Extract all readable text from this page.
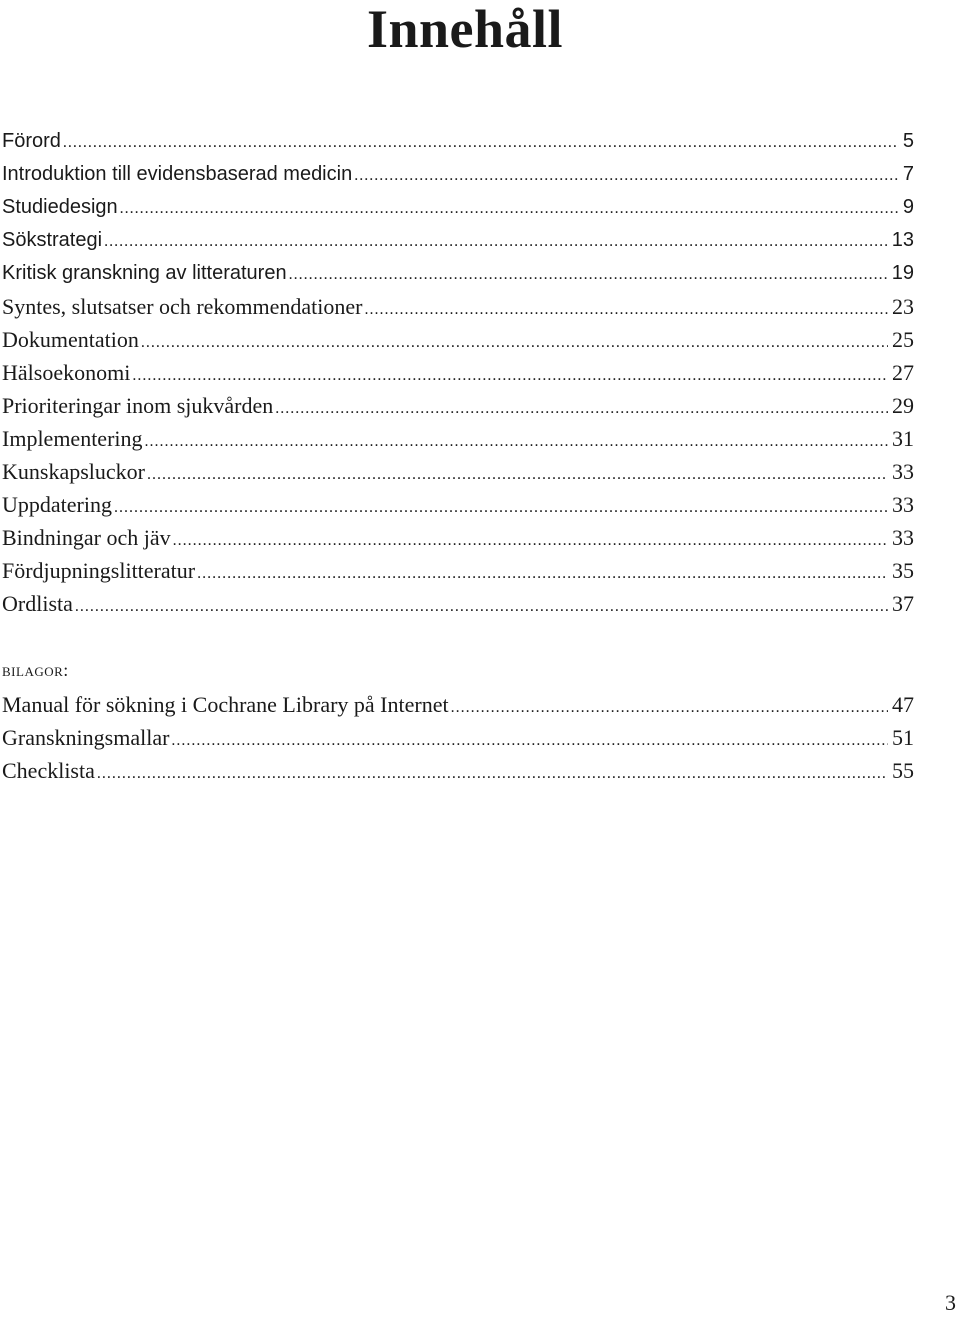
Innehåll
Förord .....	5
Introduktion till evidensbaserad medicin .....	7
Studiedesign .....	9
Sökstrategi .....	13
Kritisk granskning av litteraturen .....	19
Syntes, slutsatser och rekommendationer .....	23
Dokumentation .....	25
Hälsoekonomi .....	27
Prioriteringar inom sjukvården .....	29
Implementering .....	31
Kunskapsluckor .....	33
Uppdatering .....	33
Bindningar och jäv .....	33
Fördjupningslitteratur .....	35
Ordlista .....	37
bilagor:
Manual för sökning i Cochrane Library på Internet .....	47
Granskningsmallar .....	51
Checklista .....	55
3
